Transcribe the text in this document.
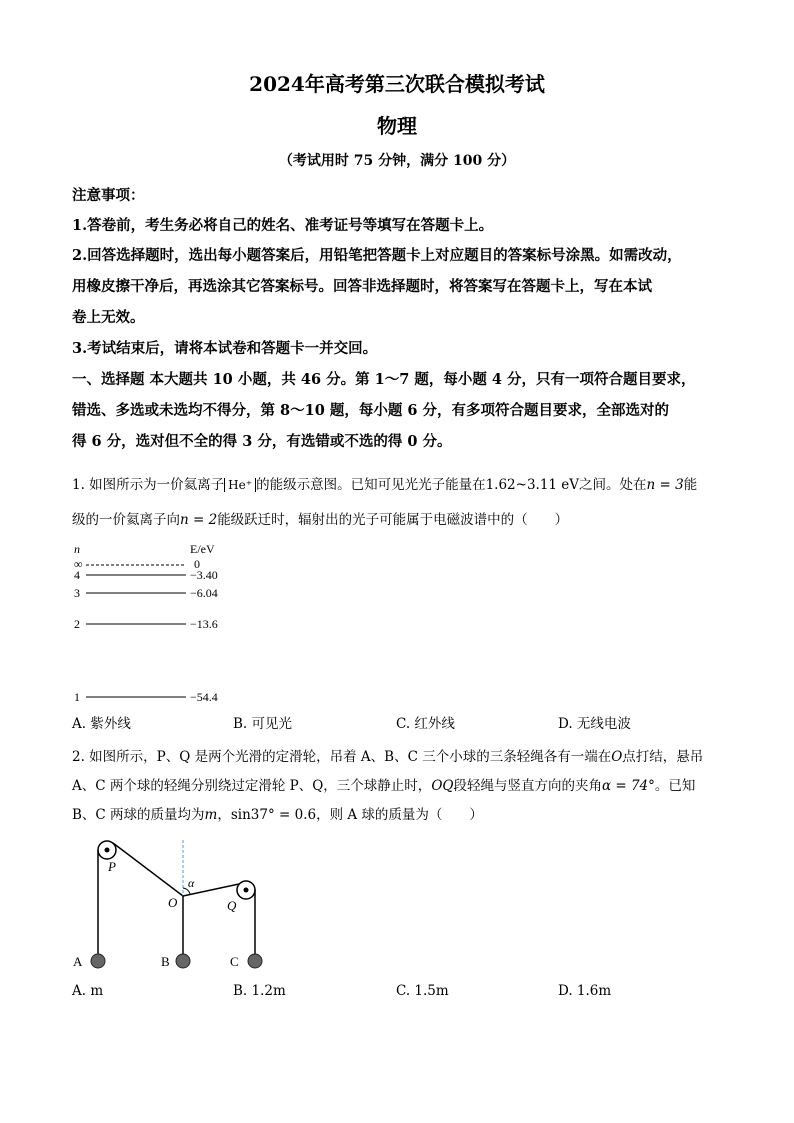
2024年高考第三次联合模拟考试
物理
（考试用时 75 分钟，满分 100 分）
注意事项：
1.答卷前，考生务必将自己的姓名、准考证号等填写在答题卡上。
2.回答选择题时，选出每小题答案后，用铅笔把答题卡上对应题目的答案标号涂黑。如需改动，
用橡皮擦干净后，再选涂其它答案标号。回答非选择题时，将答案写在答题卡上，写在本试
卷上无效。
3.考试结束后，请将本试卷和答题卡一并交回。
一、选择题 本大题共 10 小题，共 46 分。第 1～7 题，每小题 4 分，只有一项符合题目要求，
错选、多选或未选均不得分，第 8～10 题，每小题 6 分，有多项符合题目要求，全部选对的
得 6 分，选对但不全的得 3 分，有选错或不选的得 0 分。
1. 如图所示为一价氦离子 He⁺ 的能级示意图。已知可见光光子能量在1.62~3.11 eV之间。处在n = 3能
级的一价氦离子向n = 2能级跃迁时，辐射出的光子可能属于电磁波谱中的（　　）
n	E/eV
∞	0
4	−3.40
3	−6.04
2	−13.6
1	−54.4
A. 紫外线	B. 可见光	C. 红外线	D. 无线电波
2. 如图所示，P、Q 是两个光滑的定滑轮，吊着 A、B、C 三个小球的三条轻绳各有一端在O点打结，悬吊
A、C 两个球的轻绳分别绕过定滑轮 P、Q，三个球静止时，OQ段轻绳与竖直方向的夹角α = 74°。已知
B、C 两球的质量均为m，sin37° = 0.6，则 A 球的质量为（　　）
P
α
O	Q
A	B	C
A. m	B. 1.2m	C. 1.5m	D. 1.6m
